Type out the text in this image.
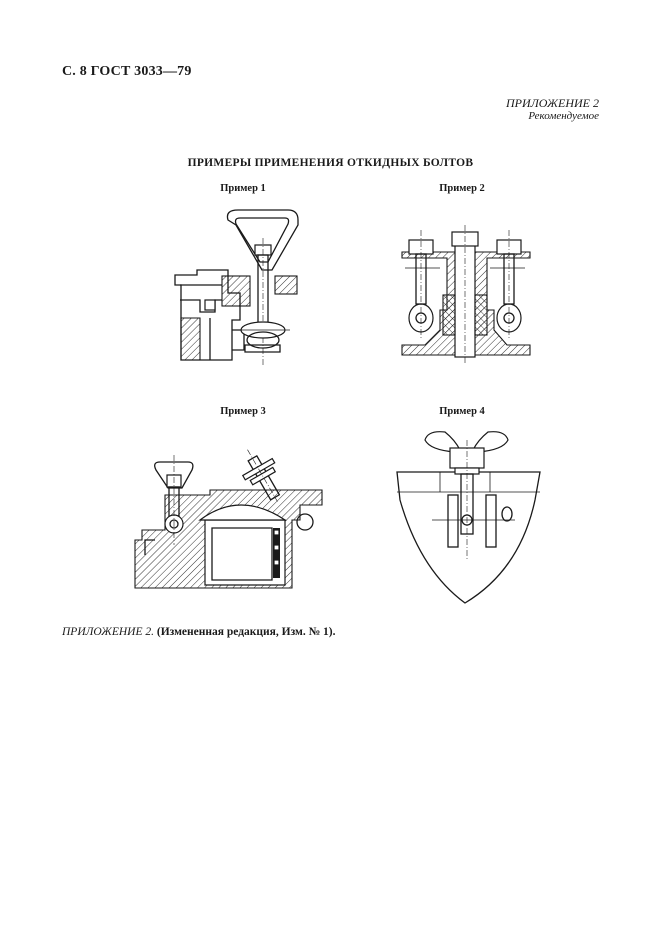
С. 8 ГОСТ 3033—79
ПРИЛОЖЕНИЕ 2
Рекомендуемое
ПРИМЕРЫ ПРИМЕНЕНИЯ ОТКИДНЫХ БОЛТОВ
Пример 1	Пример 2
Пример 3	Пример 4
ПРИЛОЖЕНИЕ 2. (Измененная редакция, Изм. № 1).
